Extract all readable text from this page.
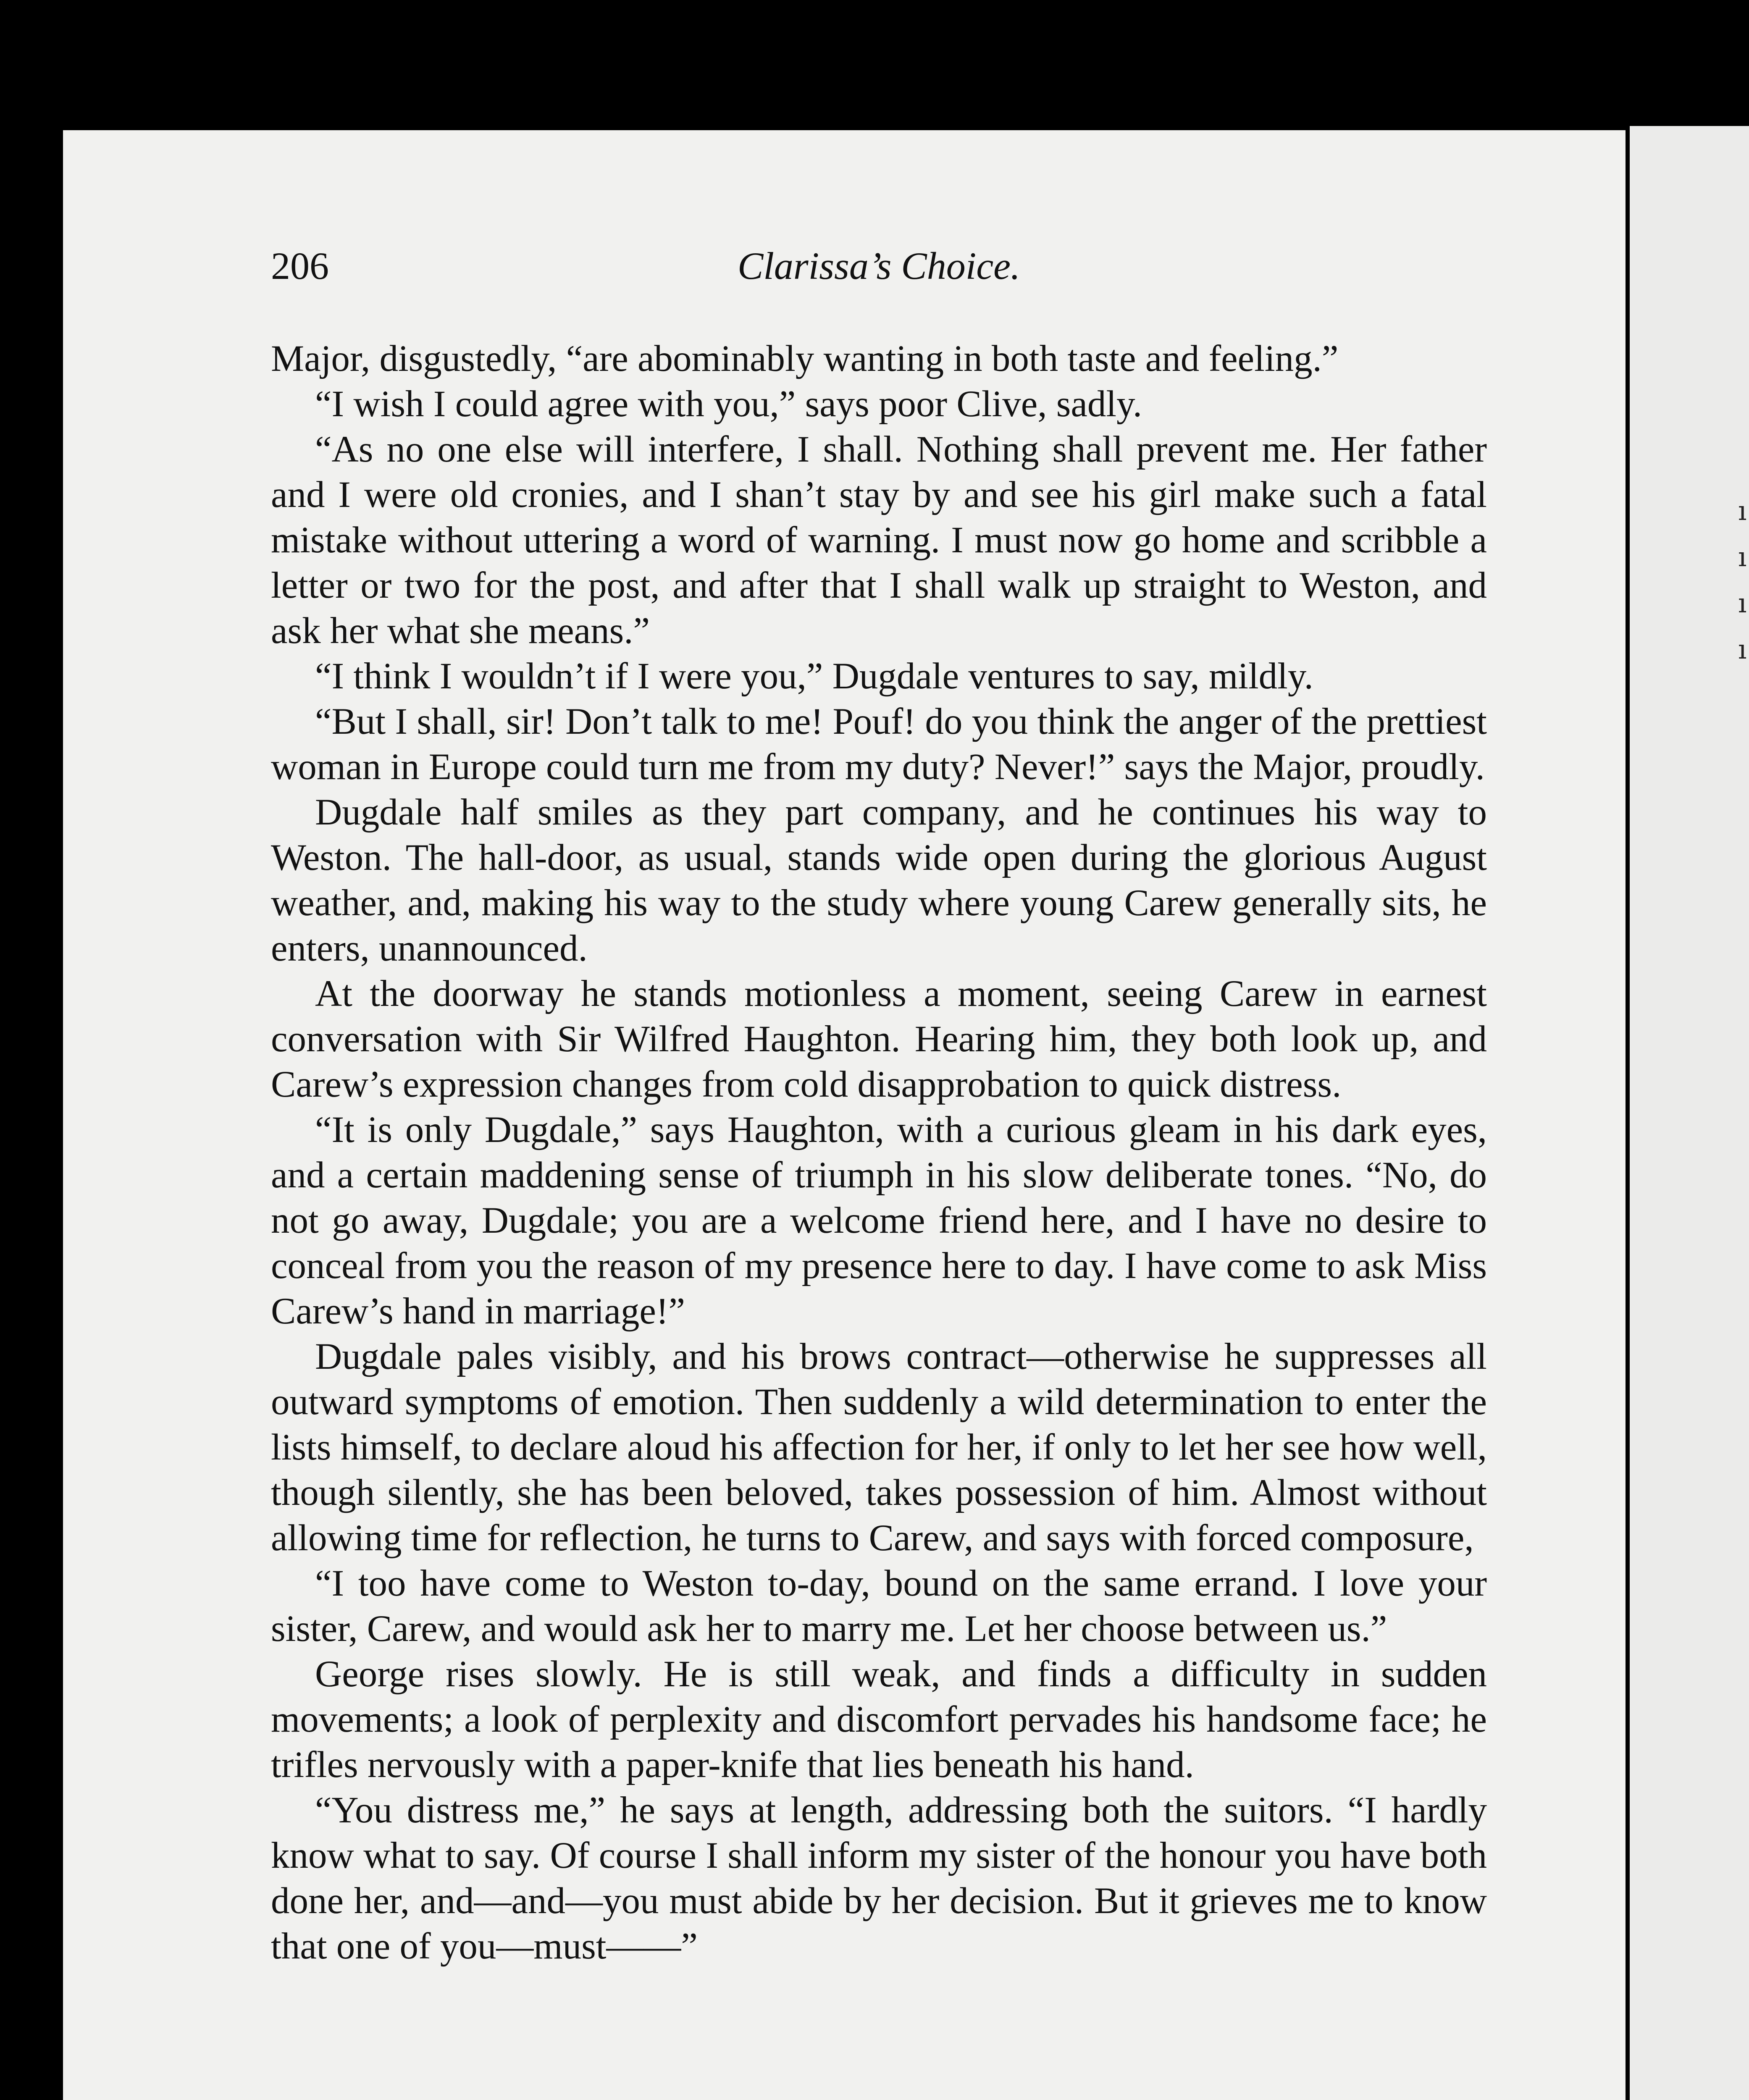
ı
ı
ı
ı
Clarissa’s Choice.
206

Major, disgustedly, “are abominably wanting in both taste and feeling.”

“I wish I could agree with you,” says poor Clive, sadly.

“As no one else will interfere, I shall. Nothing shall prevent me. Her father and I were old cronies, and I shan’t stay by and see his girl make such a fatal mistake without uttering a word of warning. I must now go home and scribble a letter or two for the post, and after that I shall walk up straight to Weston, and ask her what she means.”

“I think I wouldn’t if I were you,” Dugdale ventures to say, mildly.

“But I shall, sir! Don’t talk to me! Pouf! do you think the anger of the prettiest woman in Europe could turn me from my duty? Never!” says the Major, proudly.

Dugdale half smiles as they part company, and he continues his way to Weston. The hall-door, as usual, stands wide open during the glorious August weather, and, making his way to the study where young Carew generally sits, he enters, unannounced.

At the doorway he stands motionless a moment, seeing Carew in earnest conversation with Sir Wilfred Haughton. Hearing him, they both look up, and Carew’s expression changes from cold disapprobation to quick distress.

“It is only Dugdale,” says Haughton, with a curious gleam in his dark eyes, and a certain maddening sense of triumph in his slow deliberate tones. “No, do not go away, Dugdale; you are a welcome friend here, and I have no desire to conceal from you the reason of my presence here to day. I have come to ask Miss Carew’s hand in marriage!”

Dugdale pales visibly, and his brows contract—otherwise he suppresses all outward symptoms of emotion. Then suddenly a wild determination to enter the lists himself, to declare aloud his affection for her, if only to let her see how well, though silently, she has been beloved, takes possession of him. Almost without allowing time for reflection, he turns to Carew, and says with forced composure,

“I too have come to Weston to-day, bound on the same errand. I love your sister, Carew, and would ask her to marry me. Let her choose between us.”

George rises slowly. He is still weak, and finds a difficulty in sudden movements; a look of perplexity and discomfort pervades his handsome face; he trifles nervously with a paper-knife that lies beneath his hand.

“You distress me,” he says at length, addressing both the suitors. “I hardly know what to say. Of course I shall inform my sister of the honour you have both done her, and—and—you must abide by her decision. But it grieves me to know that one of you—must——”
